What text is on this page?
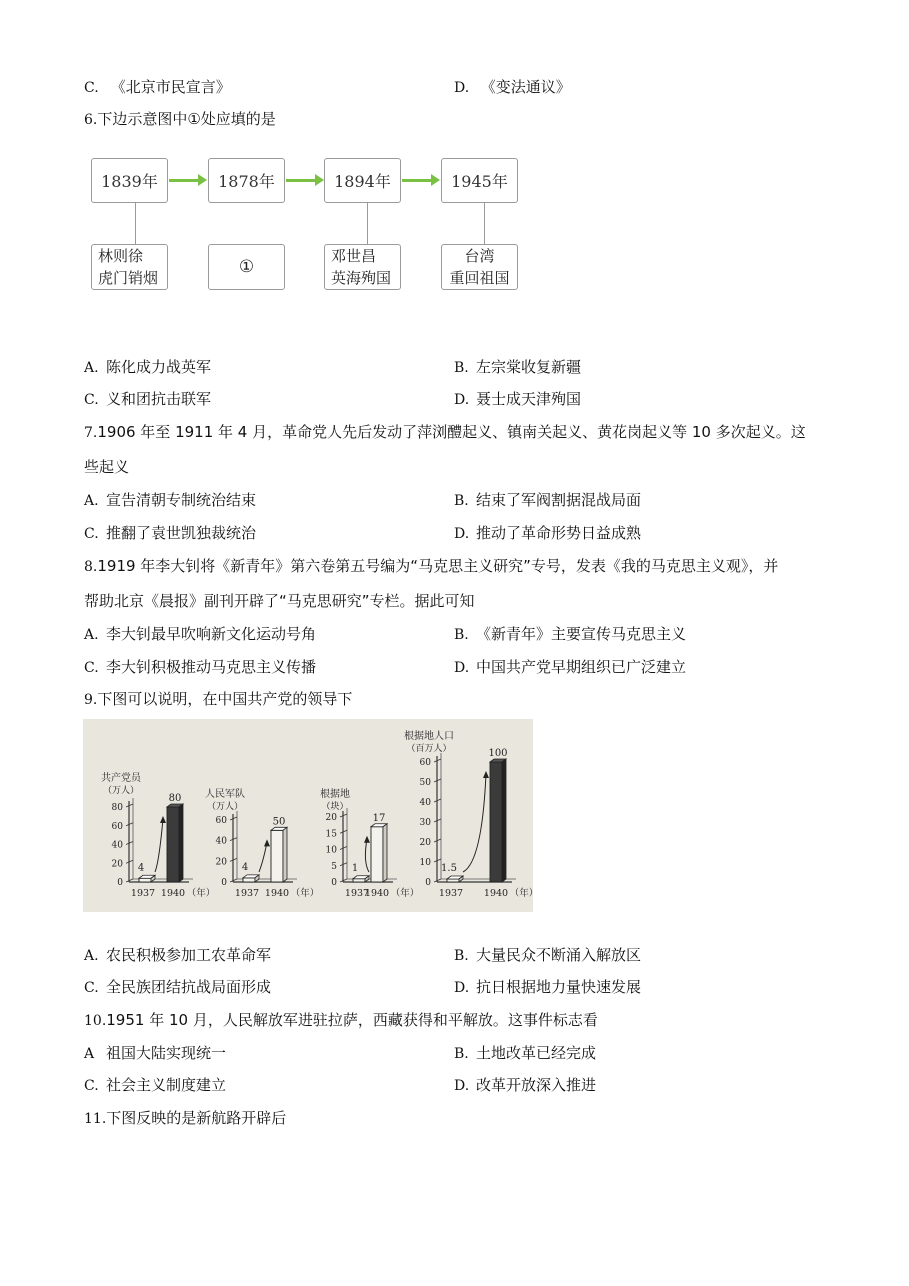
C. 《北京市民宣言》	D. 《变法通议》
6.下边示意图中①处应填的是
1839年	1878年	1894年	1945年
林则徐
虎门销烟
①
邓世昌
英海殉国
台湾
重回祖国
A. 陈化成力战英军	B. 左宗棠收复新疆
C. 义和团抗击联军	D. 聂士成天津殉国
7.1906 年至 1911 年 4 月，革命党人先后发动了萍浏醴起义、镇南关起义、黄花岗起义等 10 多次起义。这
些起义
A. 宣告清朝专制统治结束	B. 结束了军阀割据混战局面
C. 推翻了袁世凯独裁统治	D. 推动了革命形势日益成熟
8.1919 年李大钊将《新青年》第六卷第五号编为“马克思主义研究”专号，发表《我的马克思主义观》，并
帮助北京《晨报》副刊开辟了“马克思研究”专栏。据此可知
A. 李大钊最早吹响新文化运动号角	B. 《新青年》主要宣传马克思主义
C. 李大钊积极推动马克思主义传播	D. 中国共产党早期组织已广泛建立
9.下图可以说明，在中国共产党的领导下
共产党员
（万人）
0
20
40
60
80
4
80
1937 1940 （年）
人民军队
（万人）
0
20
40
60
4
50
1937 1940 （年）
根据地
（块）
0
5
10
15
20
1
17
1937
1940 （年）
根据地人口
（百万人）
0
10
20
30
40
50
60
1.5
100
1937 1940 （年）
A. 农民积极参加工农革命军	B. 大量民众不断涌入解放区
C. 全民族团结抗战局面形成	D. 抗日根据地力量快速发展
10.1951 年 10 月，人民解放军进驻拉萨，西藏获得和平解放。这事件标志看
A 祖国大陆实现统一	B. 土地改革已经完成
C. 社会主义制度建立	D. 改革开放深入推进
11.下图反映的是新航路开辟后
